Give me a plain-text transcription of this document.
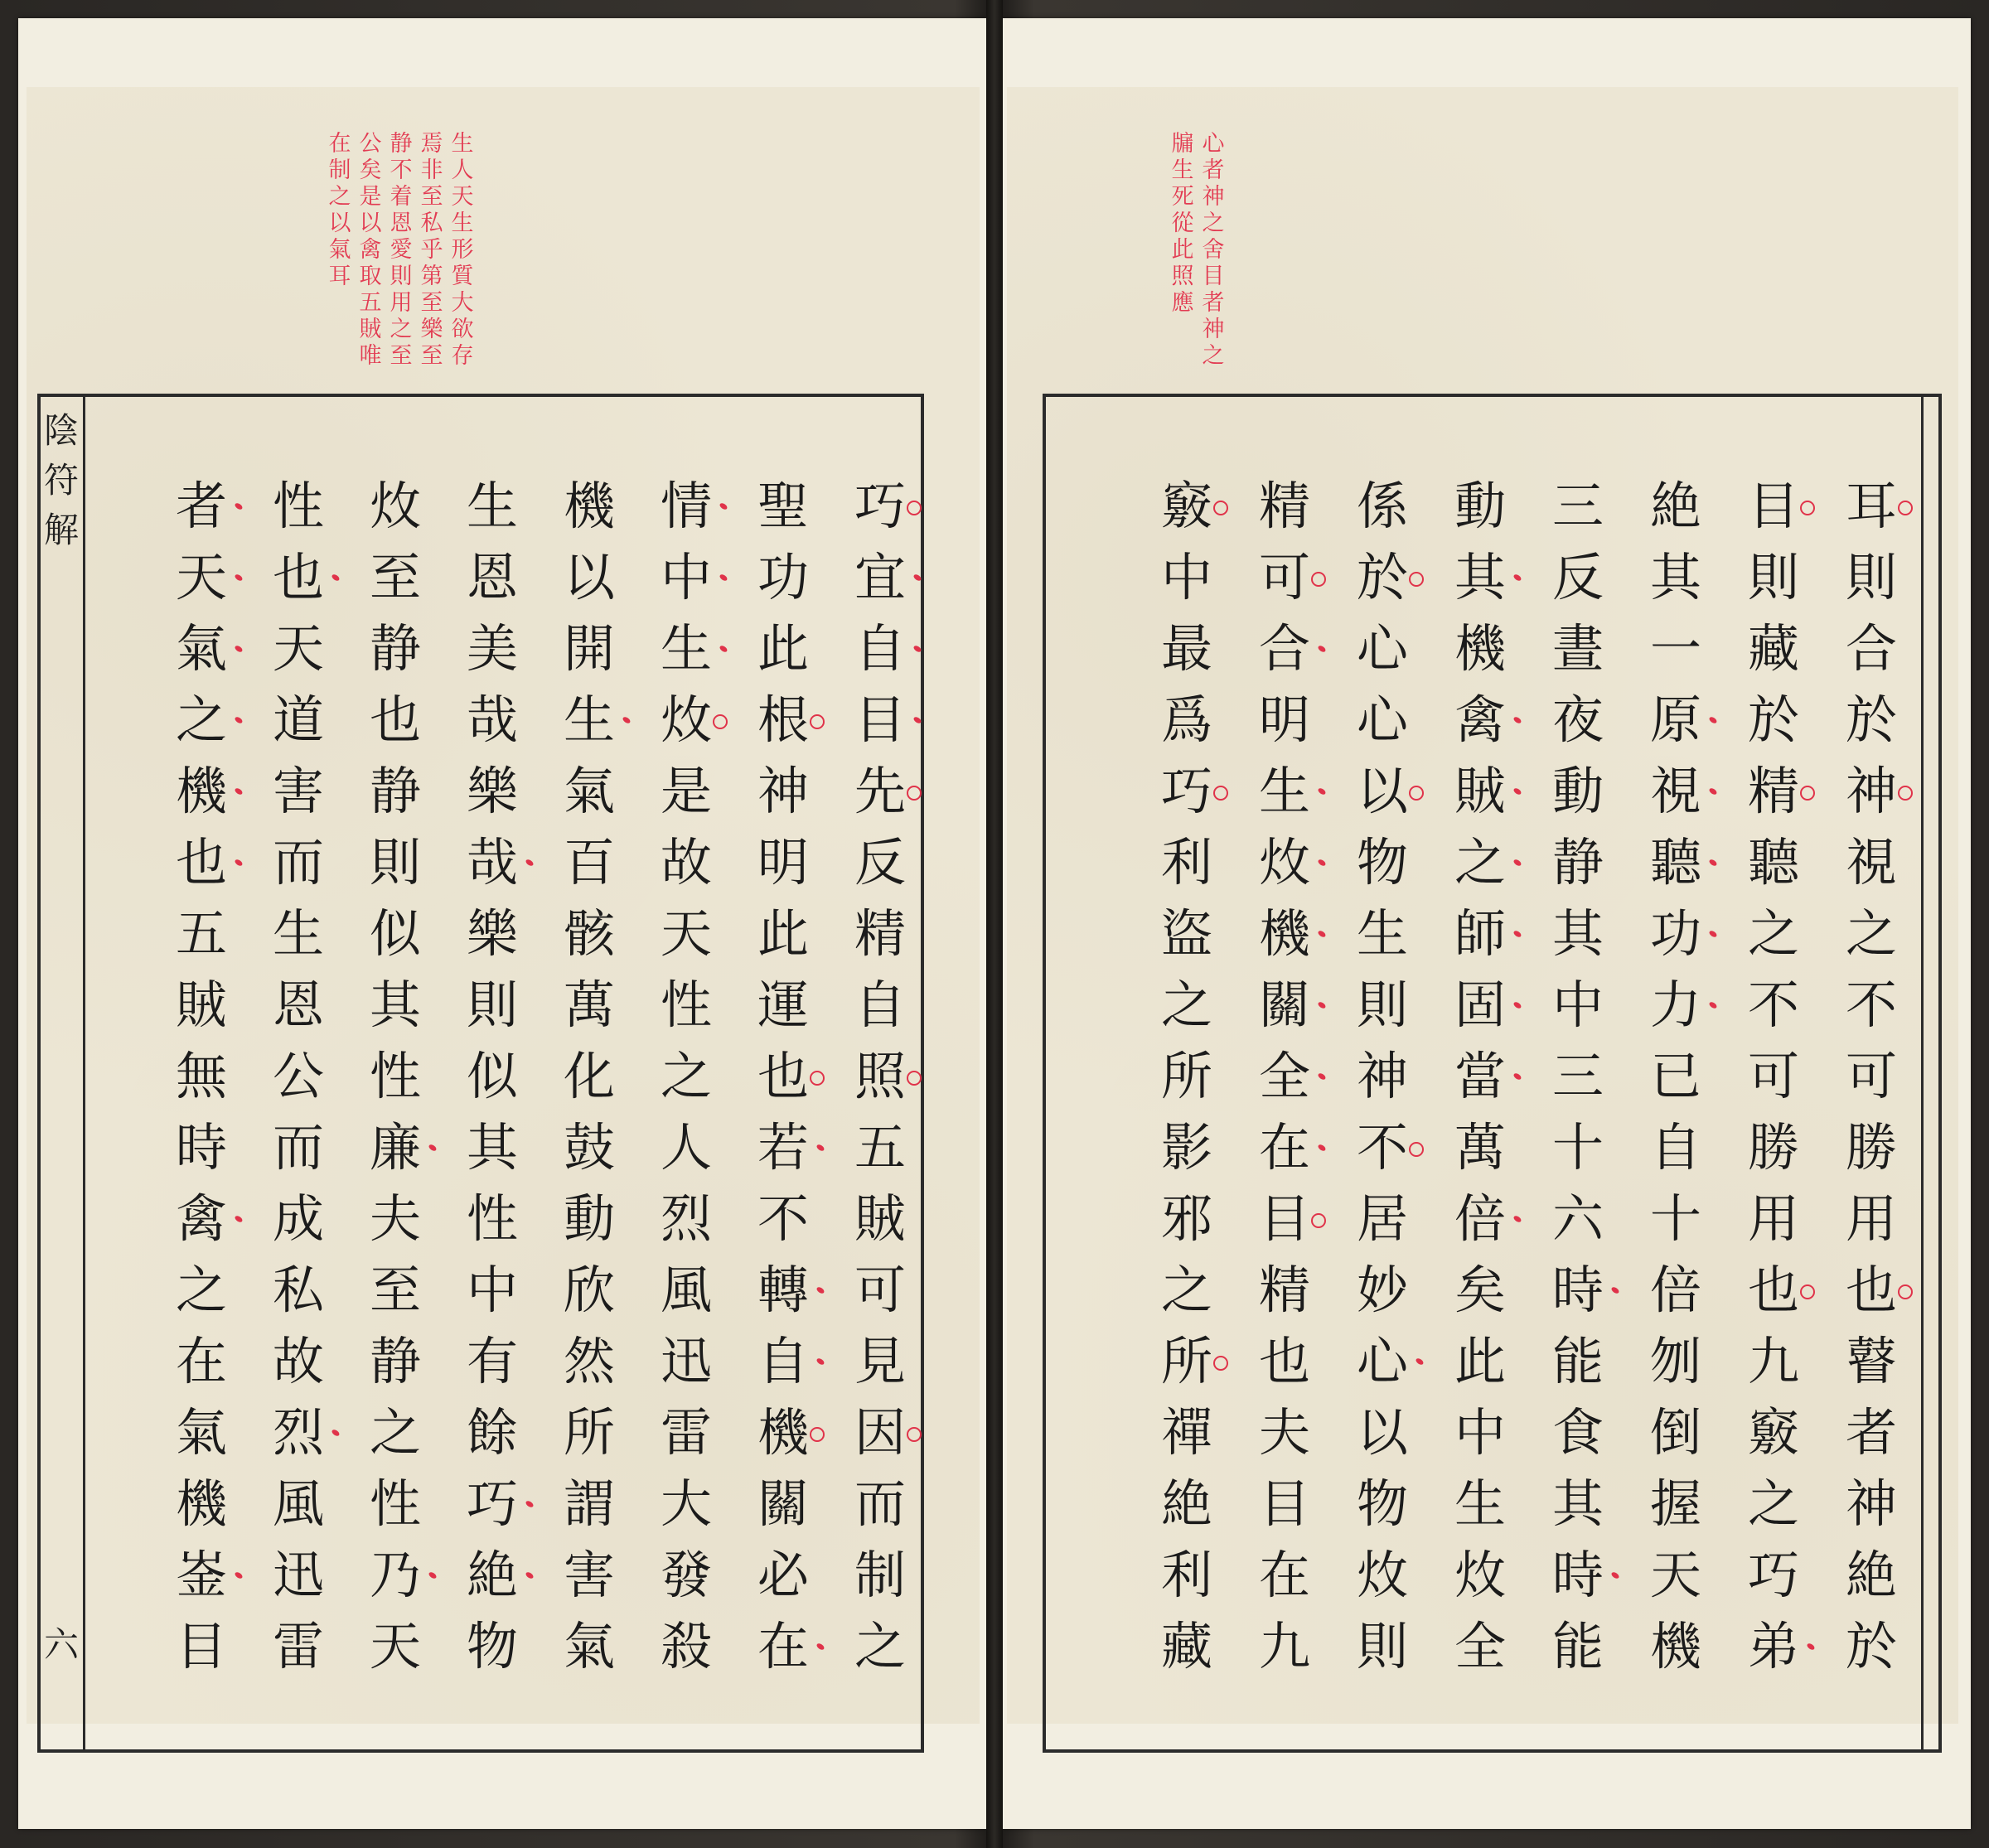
陰
符
解
六
生
人
天
生
形
質
大
欲
存
焉
非
至
私
乎
第
至
樂
至
静
不
着
恩
愛
則
用
之
至
公
矣
是
以
禽
取
五
賊
唯
在
制
之
以
氣
耳
心
者
神
之
舍
目
者
神
之
牖
生
死
從
此
照
應
巧
宜
自
目
先
反
精
自
照
五
賊
可
見
因
而
制
之
聖
功
此
根
神
明
此
運
也
若
不
轉
自
機
關
必
在
情
中
生
炇
是
故
天
性
之
人
烈
風
迅
雷
大
發
殺
機
以
開
生
氣
百
骸
萬
化
鼓
動
欣
然
所
謂
害
氣
生
恩
美
哉
樂
哉
樂
則
似
其
性
中
有
餘
巧
絶
物
炇
至
静
也
静
則
似
其
性
廉
夫
至
静
之
性
乃
天
性
也
天
道
害
而
生
恩
公
而
成
私
故
烈
風
迅
雷
者
天
氣
之
機
也
五
賊
無
時
禽
之
在
氣
機
崟
目
耳
則
合
於
神
視
之
不
可
勝
用
也
瞽
者
神
絶
於
目
則
藏
於
精
聽
之
不
可
勝
用
也
九
竅
之
巧
弟
絶
其
一
原
視
聽
功
力
已
自
十
倍
刎
倒
握
天
機
三
反
晝
夜
動
静
其
中
三
十
六
時
能
食
其
時
能
動
其
機
禽
賊
之
師
固
當
萬
倍
矣
此
中
生
炇
全
係
於
心
心
以
物
生
則
神
不
居
妙
心
以
物
炇
則
精
可
合
明
生
炇
機
關
全
在
目
精
也
夫
目
在
九
竅
中
最
爲
巧
利
盜
之
所
影
邪
之
所
禪
絶
利
藏
